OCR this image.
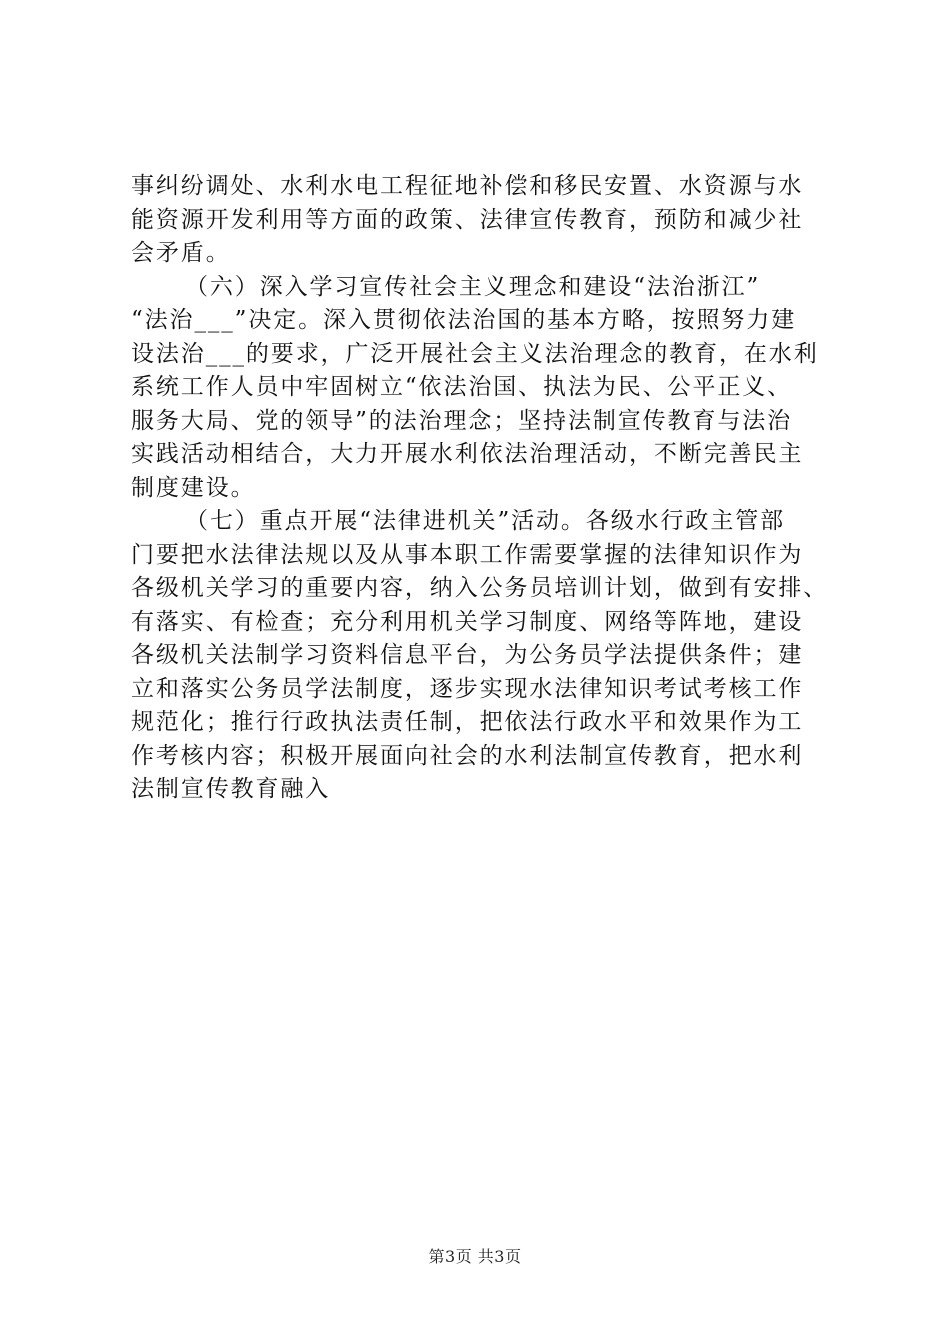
事纠纷调处、水利水电工程征地补偿和移民安置、水资源与水
能资源开发利用等方面的政策、法律宣传教育，预防和减少社
会矛盾。
（六）深入学习宣传社会主义理念和建设“法治浙江”
“法治___”决定。深入贯彻依法治国的基本方略，按照努力建
设法治___的要求，广泛开展社会主义法治理念的教育，在水利
系统工作人员中牢固树立“依法治国、执法为民、公平正义、
服务大局、党的领导”的法治理念；坚持法制宣传教育与法治
实践活动相结合，大力开展水利依法治理活动，不断完善民主
制度建设。
（七）重点开展“法律进机关”活动。各级水行政主管部
门要把水法律法规以及从事本职工作需要掌握的法律知识作为
各级机关学习的重要内容，纳入公务员培训计划，做到有安排、
有落实、有检查；充分利用机关学习制度、网络等阵地，建设
各级机关法制学习资料信息平台，为公务员学法提供条件；建
立和落实公务员学法制度，逐步实现水法律知识考试考核工作
规范化；推行行政执法责任制，把依法行政水平和效果作为工
作考核内容；积极开展面向社会的水利法制宣传教育，把水利
法制宣传教育融入
第3页 共3页
